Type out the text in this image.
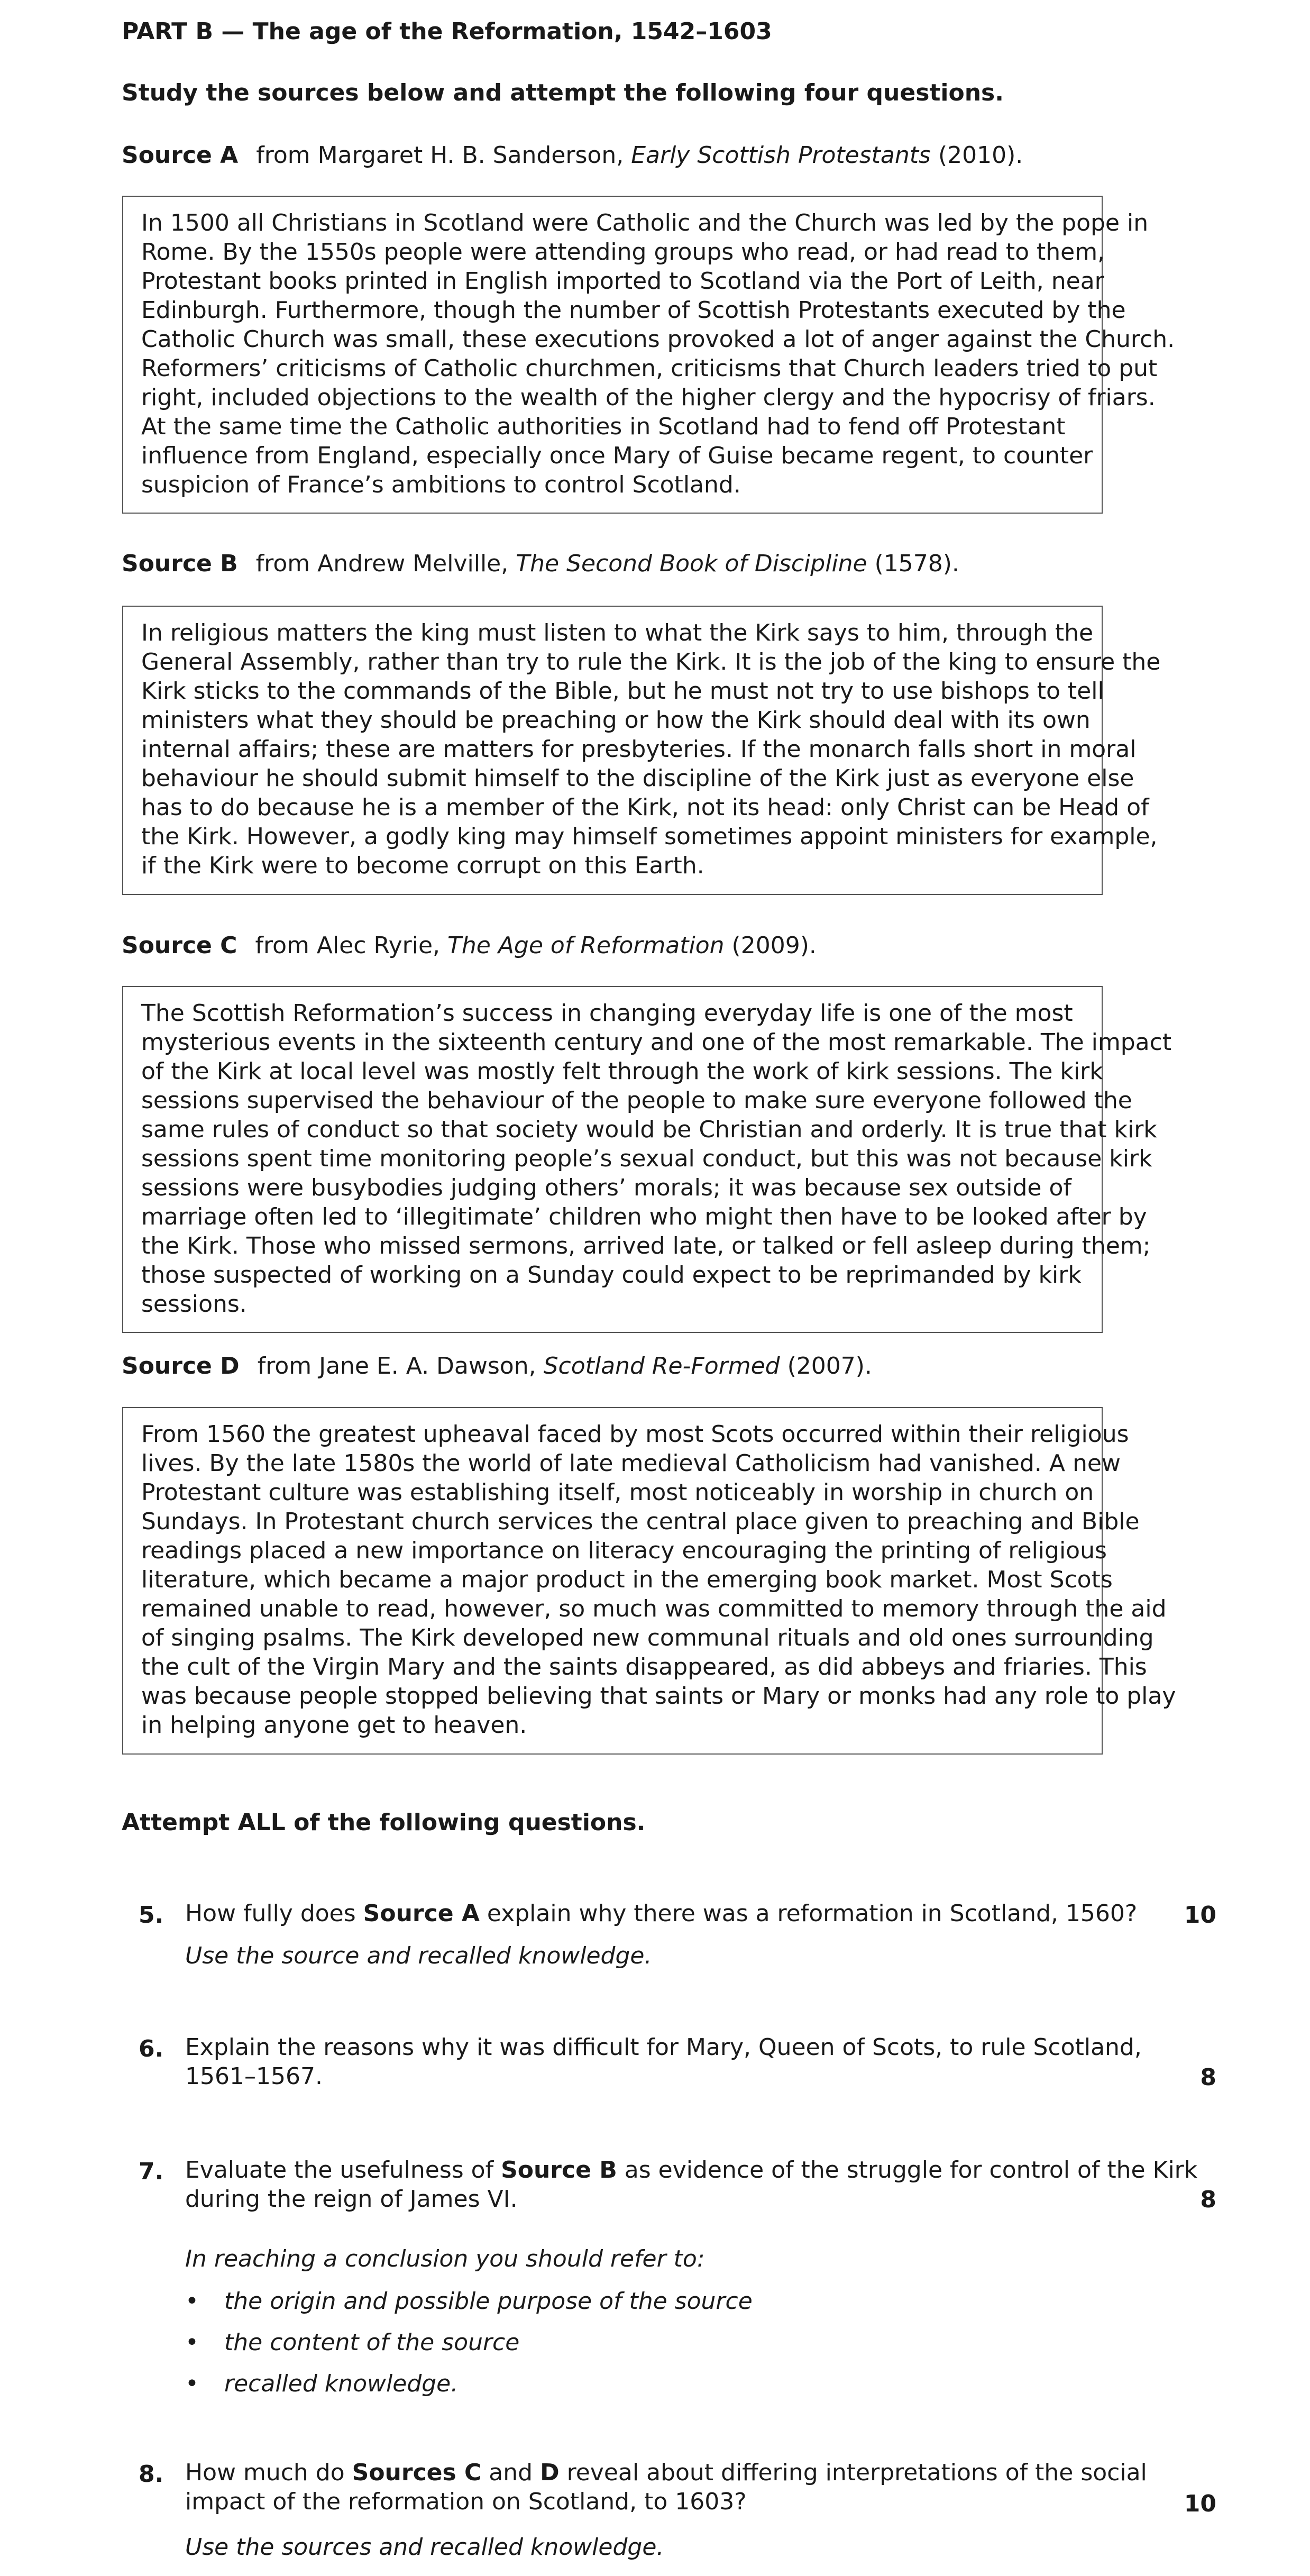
PART B — The age of the Reformation, 1542–1603
Study the sources below and attempt the following four questions.
Source A from Margaret H. B. Sanderson, Early Scottish Protestants (2010).
In 1500 all Christians in Scotland were Catholic and the Church was led by the pope in
Rome. By the 1550s people were attending groups who read, or had read to them,
Protestant books printed in English imported to Scotland via the Port of Leith, near
Edinburgh. Furthermore, though the number of Scottish Protestants executed by the
Catholic Church was small, these executions provoked a lot of anger against the Church.
Reformers’ criticisms of Catholic churchmen, criticisms that Church leaders tried to put
right, included objections to the wealth of the higher clergy and the hypocrisy of friars.
At the same time the Catholic authorities in Scotland had to fend off Protestant
influence from England, especially once Mary of Guise became regent, to counter
suspicion of France’s ambitions to control Scotland.
Source B from Andrew Melville, The Second Book of Discipline (1578).
In religious matters the king must listen to what the Kirk says to him, through the
General Assembly, rather than try to rule the Kirk. It is the job of the king to ensure the
Kirk sticks to the commands of the Bible, but he must not try to use bishops to tell
ministers what they should be preaching or how the Kirk should deal with its own
internal affairs; these are matters for presbyteries. If the monarch falls short in moral
behaviour he should submit himself to the discipline of the Kirk just as everyone else
has to do because he is a member of the Kirk, not its head: only Christ can be Head of
the Kirk. However, a godly king may himself sometimes appoint ministers for example,
if the Kirk were to become corrupt on this Earth.
Source C from Alec Ryrie, The Age of Reformation (2009).
The Scottish Reformation’s success in changing everyday life is one of the most
mysterious events in the sixteenth century and one of the most remarkable. The impact
of the Kirk at local level was mostly felt through the work of kirk sessions. The kirk
sessions supervised the behaviour of the people to make sure everyone followed the
same rules of conduct so that society would be Christian and orderly. It is true that kirk
sessions spent time monitoring people’s sexual conduct, but this was not because kirk
sessions were busybodies judging others’ morals; it was because sex outside of
marriage often led to ‘illegitimate’ children who might then have to be looked after by
the Kirk. Those who missed sermons, arrived late, or talked or fell asleep during them;
those suspected of working on a Sunday could expect to be reprimanded by kirk
sessions.
Source D from Jane E. A. Dawson, Scotland Re-Formed (2007).
From 1560 the greatest upheaval faced by most Scots occurred within their religious
lives. By the late 1580s the world of late medieval Catholicism had vanished. A new
Protestant culture was establishing itself, most noticeably in worship in church on
Sundays. In Protestant church services the central place given to preaching and Bible
readings placed a new importance on literacy encouraging the printing of religious
literature, which became a major product in the emerging book market. Most Scots
remained unable to read, however, so much was committed to memory through the aid
of singing psalms. The Kirk developed new communal rituals and old ones surrounding
the cult of the Virgin Mary and the saints disappeared, as did abbeys and friaries. This
was because people stopped believing that saints or Mary or monks had any role to play
in helping anyone get to heaven.
Attempt ALL of the following questions.
5. How fully does Source A explain why there was a reformation in Scotland, 1560?
Use the source and recalled knowledge.
10
6. Explain the reasons why it was difficult for Mary, Queen of Scots, to rule Scotland,
1561–1567.	8
7. Evaluate the usefulness of Source B as evidence of the struggle for control of the Kirk
during the reign of James VI.	8
In reaching a conclusion you should refer to:
• the origin and possible purpose of the source
• the content of the source
• recalled knowledge.
8. How much do Sources C and D reveal about differing interpretations of the social
impact of the reformation on Scotland, to 1603?	10
Use the sources and recalled knowledge.
